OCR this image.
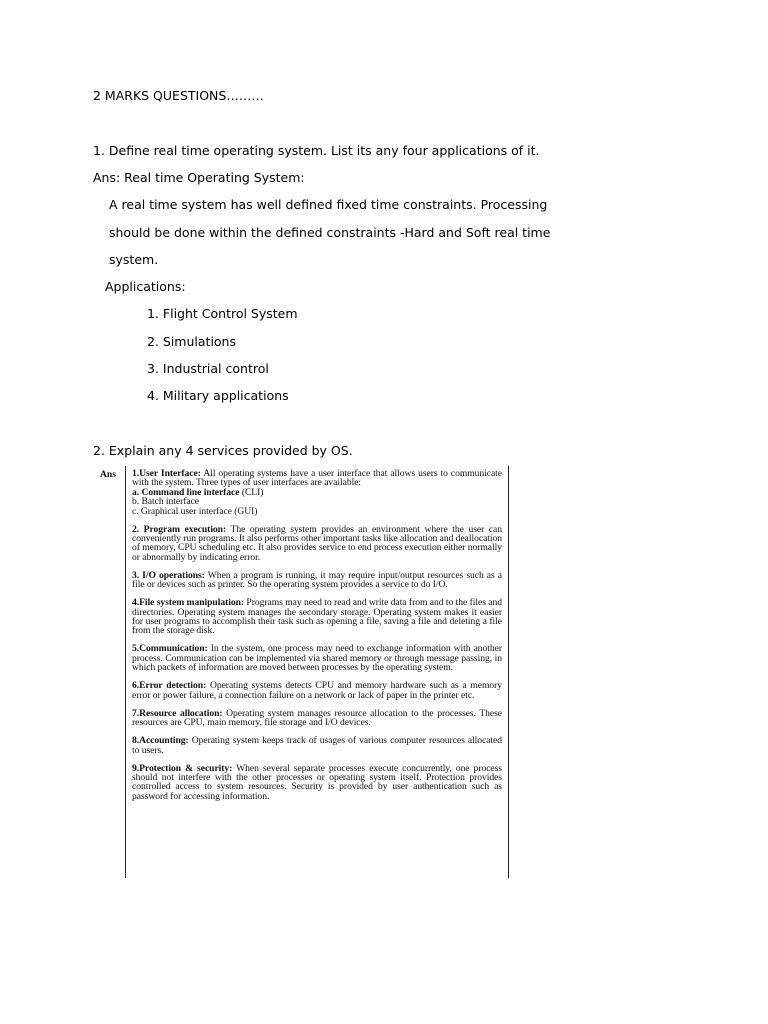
2 MARKS QUESTIONS………
1. Define real time operating system. List its any four applications of it.
Ans: Real time Operating System:
A real time system has well defined fixed time constraints. Processing
should be done within the defined constraints -Hard and Soft real time
system.
Applications:
1. Flight Control System
2. Simulations
3. Industrial control
4. Military applications
2. Explain any 4 services provided by OS.
Ans 1.User Interface: All operating systems have a user interface that allows users to communicate with the system. Three types of user interfaces are available:
a. Command line interface (CLI)
b. Batch interface
c. Graphical user interface (GUI)
2. Program execution: The operating system provides an environment where the user can conveniently run programs. It also performs other important tasks like allocation and deallocation of memory, CPU scheduling etc. It also provides service to end process execution either normally or abnormally by indicating error.
3. I/O operations: When a program is running, it may require input/output resources such as a file or devices such as printer. So the operating system provides a service to do I/O.
4.File system manipulation: Programs may need to read and write data from and to the files and directories. Operating system manages the secondary storage. Operating system makes it easier for user programs to accomplish their task such as opening a file, saving a file and deleting a file from the storage disk.
5.Communication: In the system, one process may need to exchange information with another process. Communication can be implemented via shared memory or through message passing, in which packets of information are moved between processes by the operating system.
6.Error detection: Operating systems detects CPU and memory hardware such as a memory error or power failure, a connection failure on a network or lack of paper in the printer etc.
7.Resource allocation: Operating system manages resource allocation to the processes. These resources are CPU, main memory, file storage and I/O devices.
8.Accounting: Operating system keeps track of usages of various computer resources allocated to users.
9.Protection & security: When several separate processes execute concurrently, one process should not interfere with the other processes or operating system itself. Protection provides controlled access to system resources. Security is provided by user authentication such as password for accessing information.
